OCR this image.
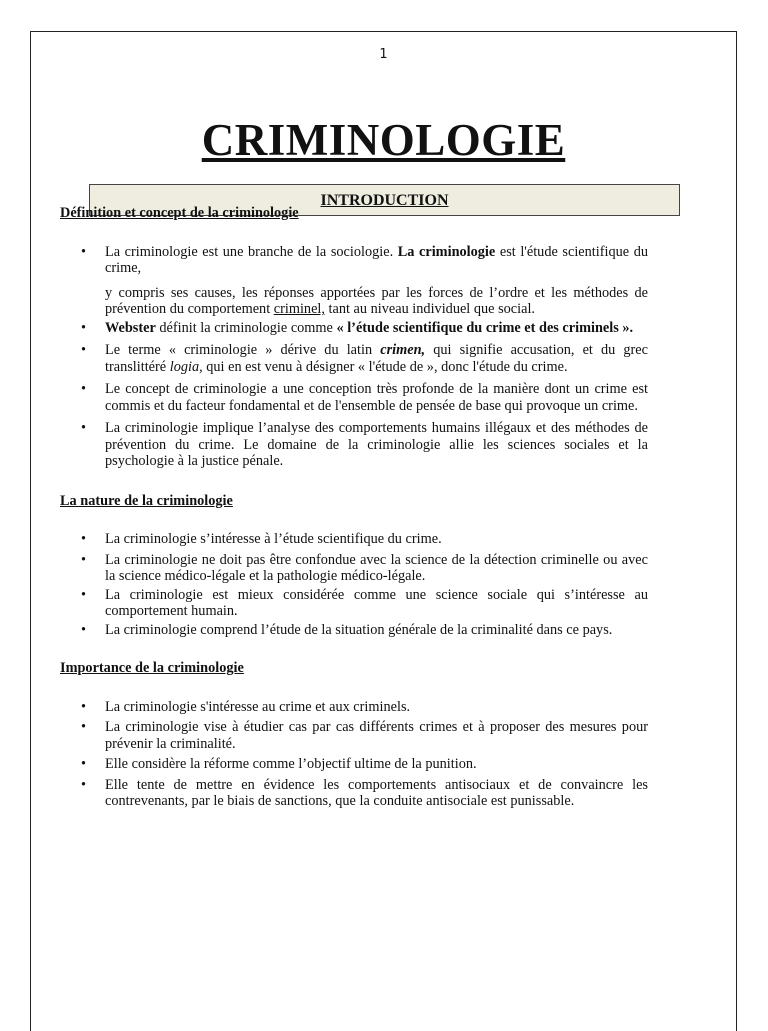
1
CRIMINOLOGIE
INTRODUCTION

Définition et concept de la criminologie

• La criminologie est une branche de la sociologie. La criminologie est l'étude scientifique du crime,

y compris ses causes, les réponses apportées par les forces de l’ordre et les méthodes de prévention du comportement criminel, tant au niveau individuel que social.

• Webster définit la criminologie comme « l’étude scientifique du crime et des criminels ».
• Le terme « criminologie » dérive du latin crimen, qui signifie accusation, et du grec translittéré logia, qui en est venu à désigner « l'étude de », donc l'étude du crime.
• Le concept de criminologie a une conception très profonde de la manière dont un crime est commis et du facteur fondamental et de l'ensemble de pensée de base qui provoque un crime.
• La criminologie implique l’analyse des comportements humains illégaux et des méthodes de prévention du crime. Le domaine de la criminologie allie les sciences sociales et la psychologie à la justice pénale.

La nature de la criminologie

• La criminologie s’intéresse à l’étude scientifique du crime.
• La criminologie ne doit pas être confondue avec la science de la détection criminelle ou avec la science médico-légale et la pathologie médico-légale.
• La criminologie est mieux considérée comme une science sociale qui s’intéresse au comportement humain.
• La criminologie comprend l’étude de la situation générale de la criminalité dans ce pays.

Importance de la criminologie

• La criminologie s'intéresse au crime et aux criminels.
• La criminologie vise à étudier cas par cas différents crimes et à proposer des mesures pour prévenir la criminalité.
• Elle considère la réforme comme l’objectif ultime de la punition.
• Elle tente de mettre en évidence les comportements antisociaux et de convaincre les contrevenants, par le biais de sanctions, que la conduite antisociale est punissable.
